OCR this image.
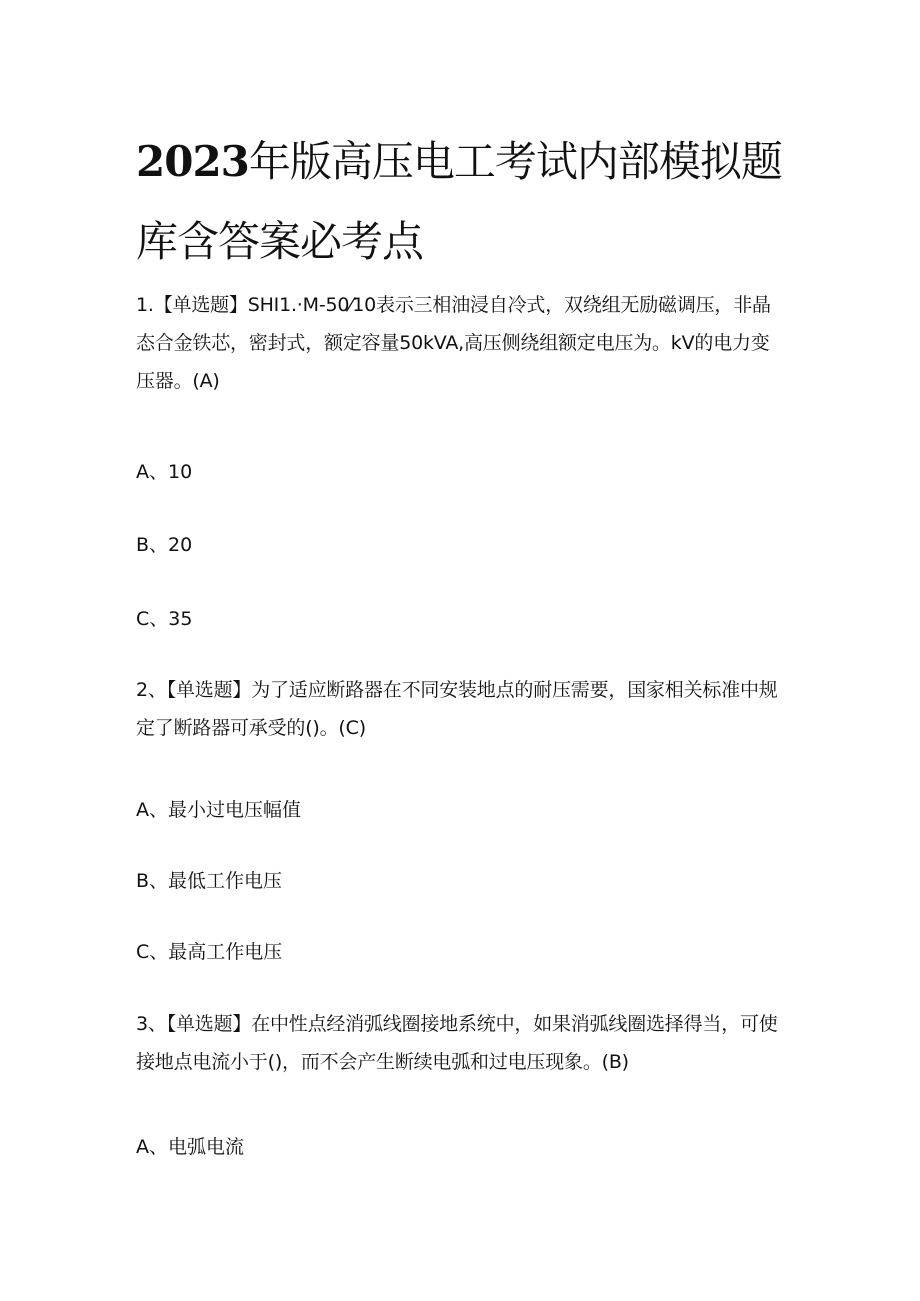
2023年版高压电工考试内部模拟题库含答案必考点

1.【单选题】SHI1.·M-50⁄10表示三相油浸自冷式，双绕组无励磁调压，非晶态合金铁芯，密封式，额定容量50kVA,高压侧绕组额定电压为。kV的电力变压器。(A)

A、10

B、20

C、35

2、【单选题】为了适应断路器在不同安装地点的耐压需要，国家相关标准中规定了断路器可承受的()。(C)

A、最小过电压幅值

B、最低工作电压

C、最高工作电压

3、【单选题】在中性点经消弧线圈接地系统中，如果消弧线圈选择得当，可使接地点电流小于()，而不会产生断续电弧和过电压现象。(B)

A、电弧电流
